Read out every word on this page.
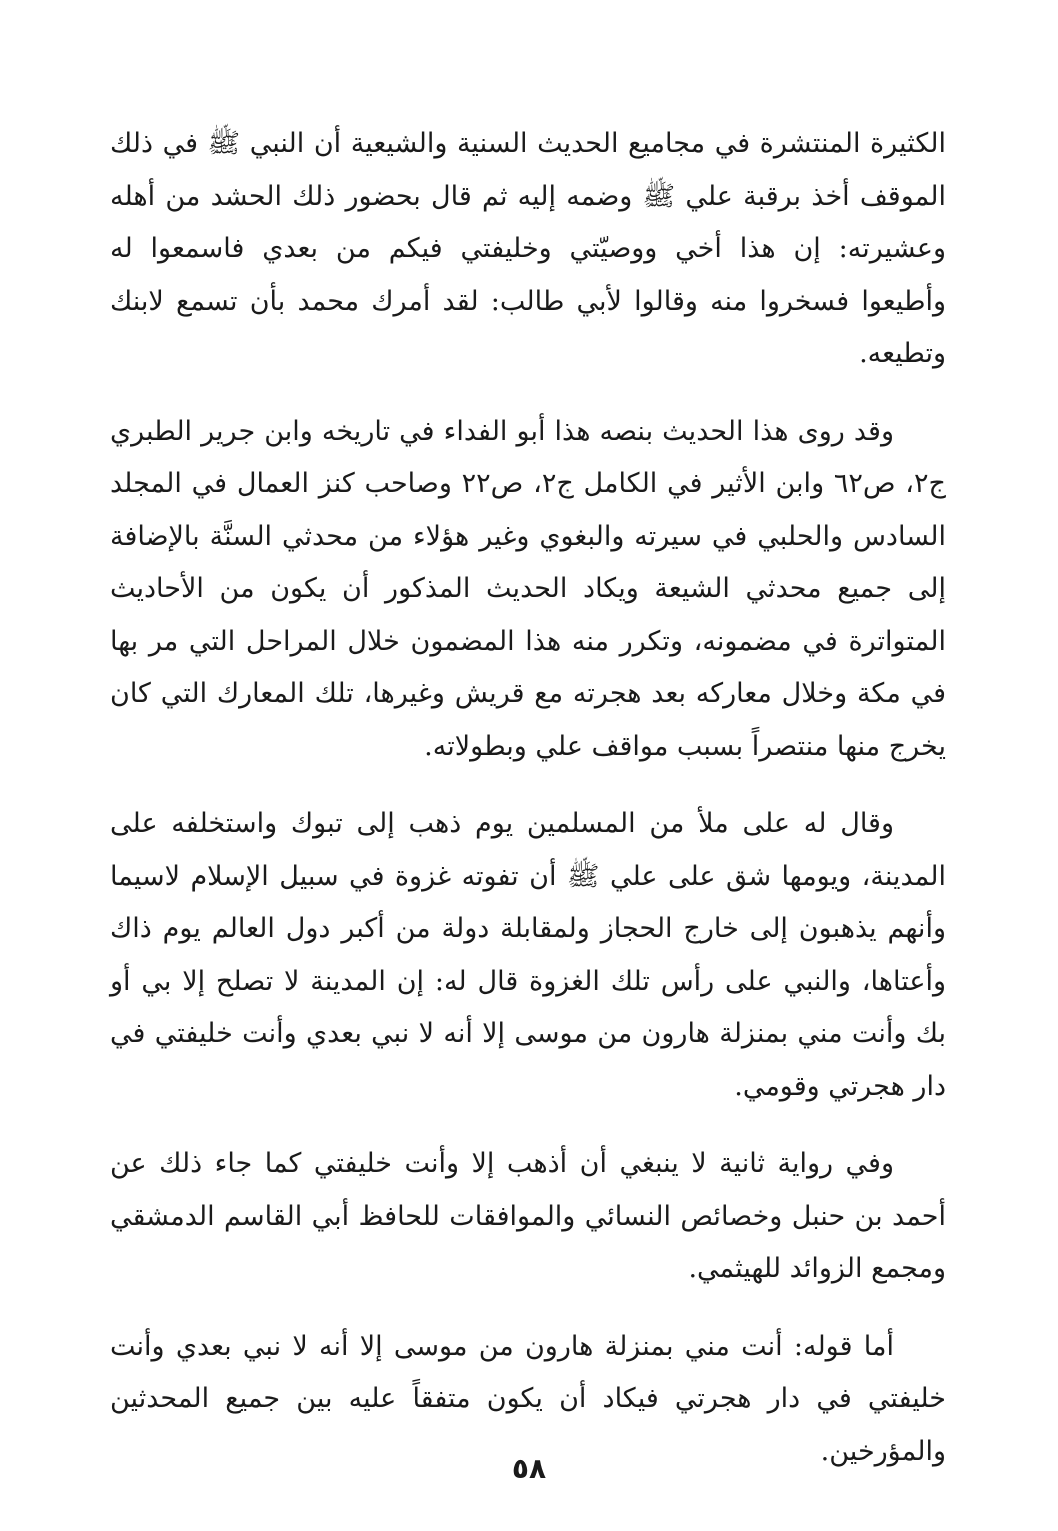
الكثيرة المنتشرة في مجاميع الحديث السنية والشيعية أن النبي ﷺ في ذلك الموقف أخذ برقبة علي ﷺ وضمه إليه ثم قال بحضور ذلك الحشد من أهله وعشيرته: إن هذا أخي ووصيّتي وخليفتي فيكم من بعدي فاسمعوا له وأطيعوا فسخروا منه وقالوا لأبي طالب: لقد أمرك محمد بأن تسمع لابنك وتطيعه.

وقد روى هذا الحديث بنصه هذا أبو الفداء في تاريخه وابن جرير الطبري ج٢، ص٦٢ وابن الأثير في الكامل ج٢، ص٢٢ وصاحب كنز العمال في المجلد السادس والحلبي في سيرته والبغوي وغير هؤلاء من محدثي السنَّة بالإضافة إلى جميع محدثي الشيعة ويكاد الحديث المذكور أن يكون من الأحاديث المتواترة في مضمونه، وتكرر منه هذا المضمون خلال المراحل التي مر بها في مكة وخلال معاركه بعد هجرته مع قريش وغيرها، تلك المعارك التي كان يخرج منها منتصراً بسبب مواقف علي وبطولاته.

وقال له على ملأ من المسلمين يوم ذهب إلى تبوك واستخلفه على المدينة، ويومها شق على علي ﷺ أن تفوته غزوة في سبيل الإسلام لاسيما وأنهم يذهبون إلى خارج الحجاز ولمقابلة دولة من أكبر دول العالم يوم ذاك وأعتاها، والنبي على رأس تلك الغزوة قال له: إن المدينة لا تصلح إلا بي أو بك وأنت مني بمنزلة هارون من موسى إلا أنه لا نبي بعدي وأنت خليفتي في دار هجرتي وقومي.

وفي رواية ثانية لا ينبغي أن أذهب إلا وأنت خليفتي كما جاء ذلك عن أحمد بن حنبل وخصائص النسائي والموافقات للحافظ أبي القاسم الدمشقي ومجمع الزوائد للهيثمي.

أما قوله: أنت مني بمنزلة هارون من موسى إلا أنه لا نبي بعدي وأنت خليفتي في دار هجرتي فيكاد أن يكون متفقاً عليه بين جميع المحدثين والمؤرخين.

٥٨
